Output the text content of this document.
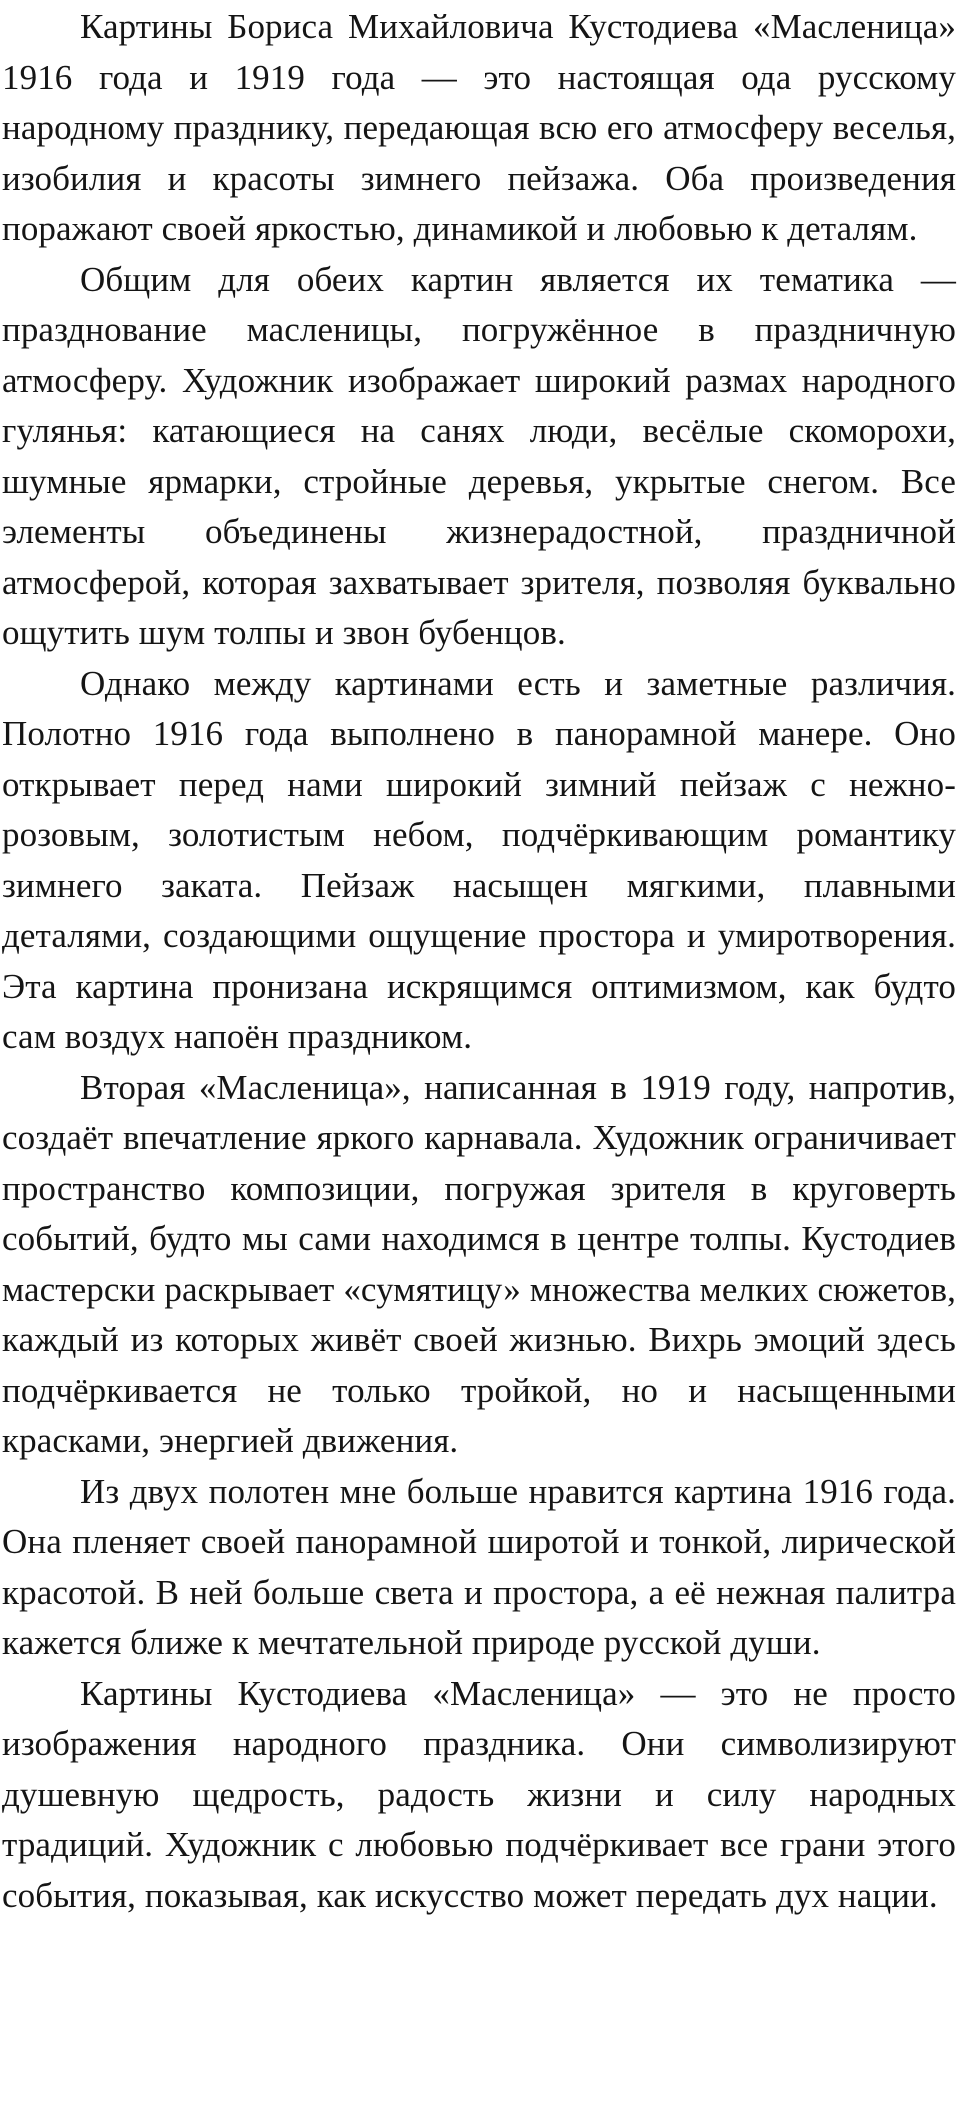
Картины Бориса Михайловича Кустодиева «Масленица» 1916 года и 1919 года — это настоящая ода русскому народному празднику, передающая всю его атмосферу веселья, изобилия и красоты зимнего пейзажа. Оба произведения поражают своей яркостью, динамикой и любовью к деталям.

Общим для обеих картин является их тематика — празднование масленицы, погружённое в праздничную атмосферу. Художник изображает широкий размах народного гулянья: катающиеся на санях люди, весёлые скоморохи, шумные ярмарки, стройные деревья, укрытые снегом. Все элементы объединены жизнерадостной, праздничной атмосферой, которая захватывает зрителя, позволяя буквально ощутить шум толпы и звон бубенцов.

Однако между картинами есть и заметные различия. Полотно 1916 года выполнено в панорамной манере. Оно открывает перед нами широкий зимний пейзаж с нежно-розовым, золотистым небом, подчёркивающим романтику зимнего заката. Пейзаж насыщен мягкими, плавными деталями, создающими ощущение простора и умиротворения. Эта картина пронизана искрящимся оптимизмом, как будто сам воздух напоён праздником.

Вторая «Масленица», написанная в 1919 году, напротив, создаёт впечатление яркого карнавала. Художник ограничивает пространство композиции, погружая зрителя в круговерть событий, будто мы сами находимся в центре толпы. Кустодиев мастерски раскрывает «сумятицу» множества мелких сюжетов, каждый из которых живёт своей жизнью. Вихрь эмоций здесь подчёркивается не только тройкой, но и насыщенными красками, энергией движения.

Из двух полотен мне больше нравится картина 1916 года. Она пленяет своей панорамной широтой и тонкой, лирической красотой. В ней больше света и простора, а её нежная палитра кажется ближе к мечтательной природе русской души.

Картины Кустодиева «Масленица» — это не просто изображения народного праздника. Они символизируют душевную щедрость, радость жизни и силу народных традиций. Художник с любовью подчёркивает все грани этого события, показывая, как искусство может передать дух нации.
